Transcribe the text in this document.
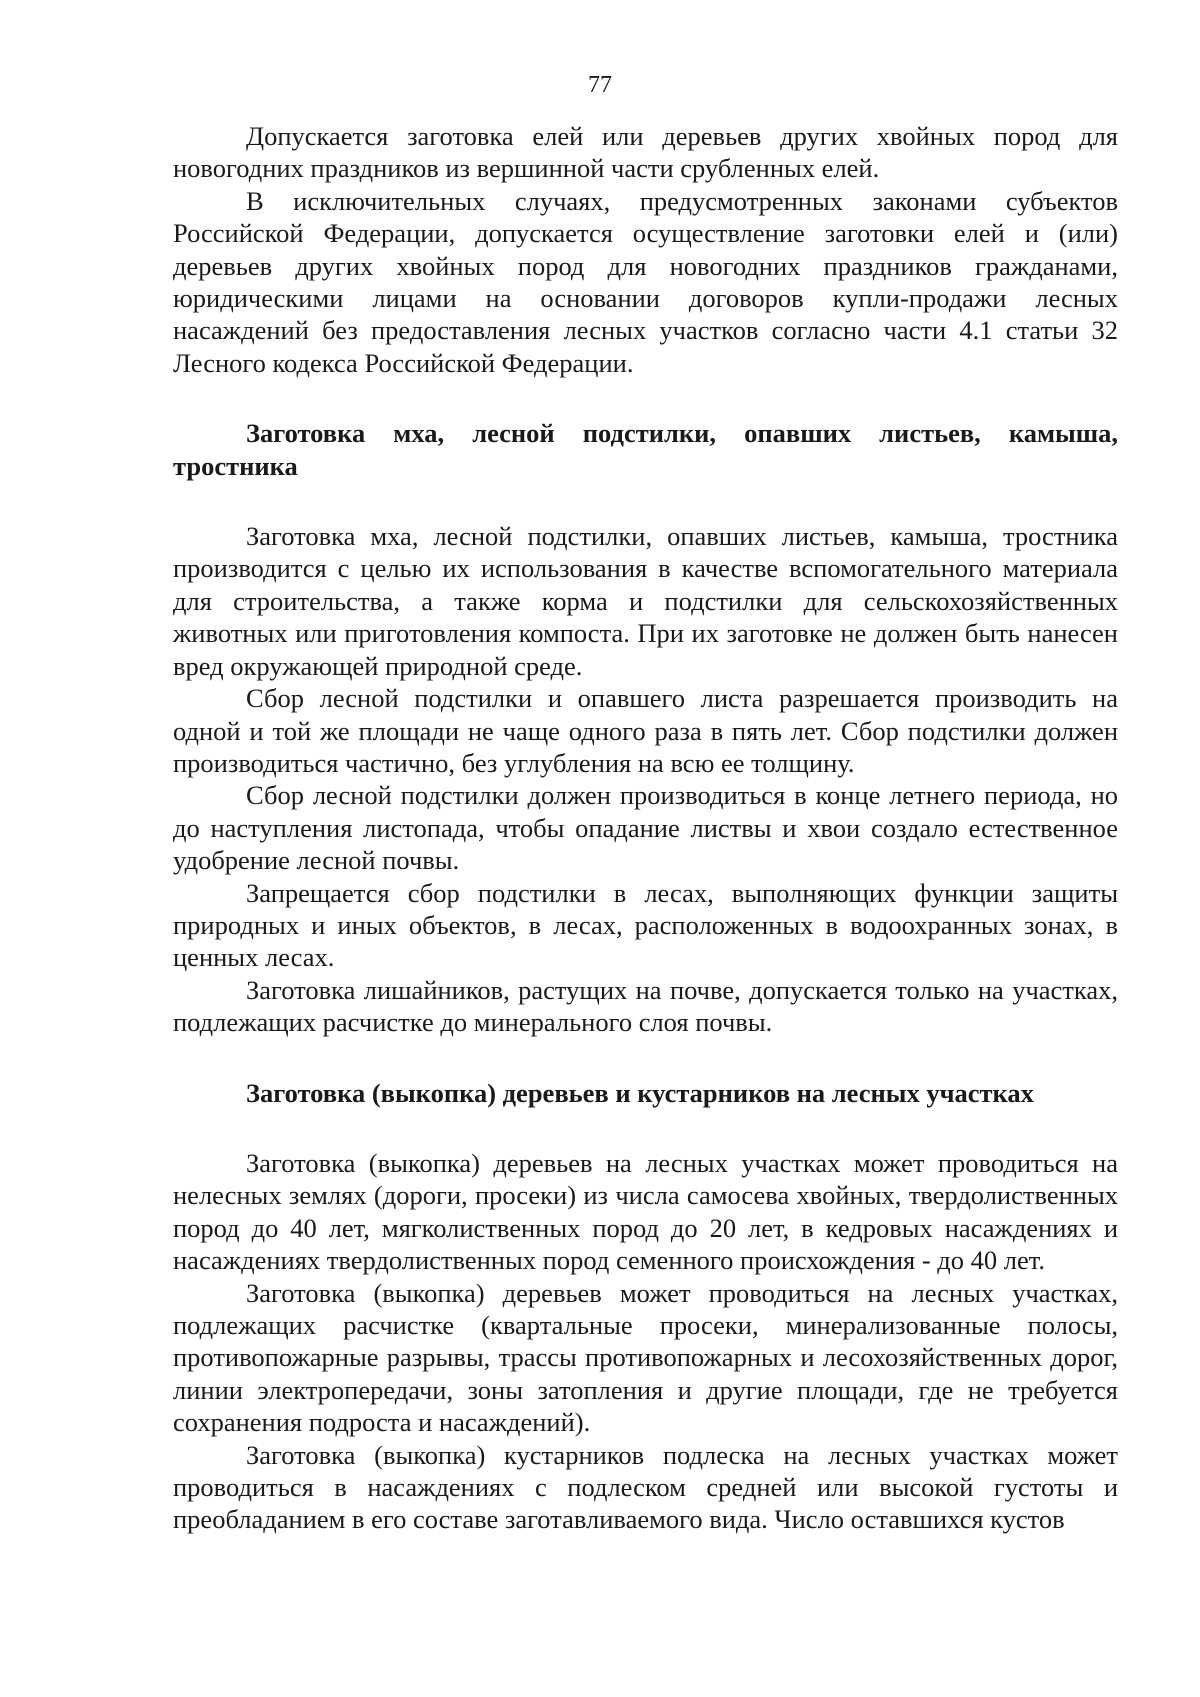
77

Допускается заготовка елей или деревьев других хвойных пород для новогодних праздников из вершинной части срубленных елей.

В исключительных случаях, предусмотренных законами субъектов Российской Федерации, допускается осуществление заготовки елей и (или) деревьев других хвойных пород для новогодних праздников гражданами, юридическими лицами на основании договоров купли-продажи лесных насаждений без предоставления лесных участков согласно части 4.1 статьи 32 Лесного кодекса Российской Федерации.

Заготовка мха, лесной подстилки, опавших листьев, камыша, тростника

Заготовка мха, лесной подстилки, опавших листьев, камыша, тростника производится с целью их использования в качестве вспомогательного материала для строительства, а также корма и подстилки для сельскохозяйственных животных или приготовления компоста. При их заготовке не должен быть нанесен вред окружающей природной среде.

Сбор лесной подстилки и опавшего листа разрешается производить на одной и той же площади не чаще одного раза в пять лет. Сбор подстилки должен производиться частично, без углубления на всю ее толщину.

Сбор лесной подстилки должен производиться в конце летнего периода, но до наступления листопада, чтобы опадание листвы и хвои создало естественное удобрение лесной почвы.

Запрещается сбор подстилки в лесах, выполняющих функции защиты природных и иных объектов, в лесах, расположенных в водоохранных зонах, в ценных лесах.

Заготовка лишайников, растущих на почве, допускается только на участках, подлежащих расчистке до минерального слоя почвы.

Заготовка (выкопка) деревьев и кустарников на лесных участках

Заготовка (выкопка) деревьев на лесных участках может проводиться на нелесных землях (дороги, просеки) из числа самосева хвойных, твердолиственных пород до 40 лет, мягколиственных пород до 20 лет, в кедровых насаждениях и насаждениях твердолиственных пород семенного происхождения - до 40 лет.

Заготовка (выкопка) деревьев может проводиться на лесных участках, подлежащих расчистке (квартальные просеки, минерализованные полосы, противопожарные разрывы, трассы противопожарных и лесохозяйственных дорог, линии электропередачи, зоны затопления и другие площади, где не требуется сохранения подроста и насаждений).

Заготовка (выкопка) кустарников подлеска на лесных участках может проводиться в насаждениях с подлеском средней или высокой густоты и преобладанием в его составе заготавливаемого вида. Число оставшихся кустов
